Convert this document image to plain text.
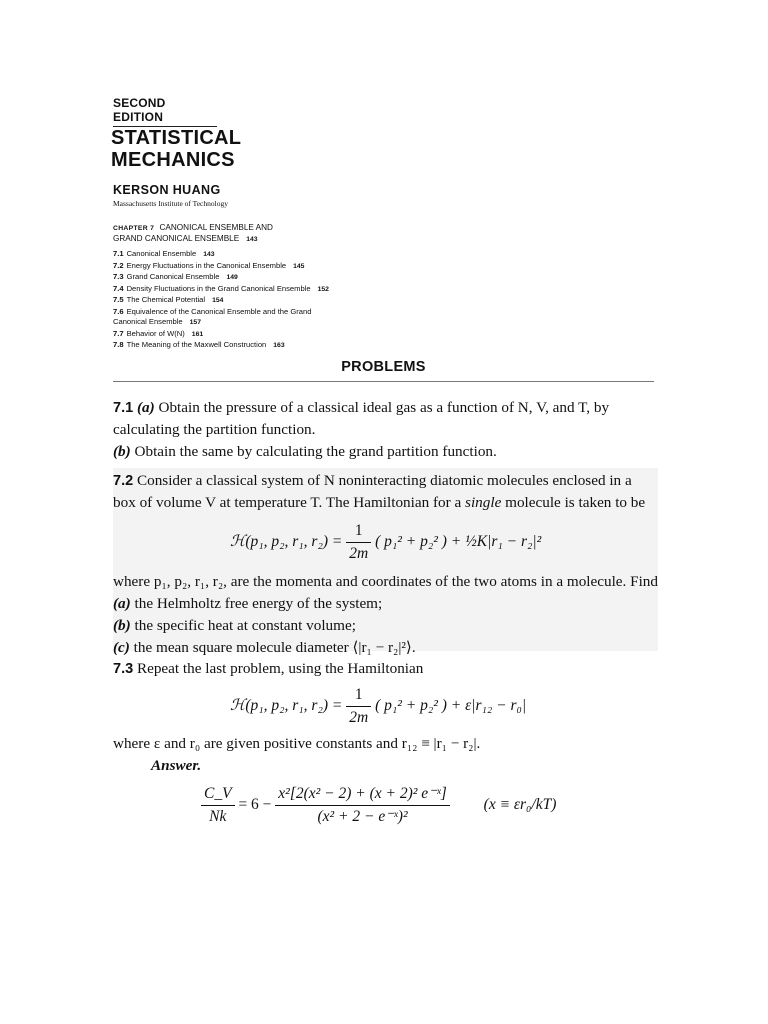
SECOND EDITION
STATISTICAL
MECHANICS
KERSON HUANG
Massachusetts Institute of Technology
CHAPTER 7 CANONICAL ENSEMBLE AND
GRAND CANONICAL ENSEMBLE 143
7.1 Canonical Ensemble 143
7.2 Energy Fluctuations in the Canonical Ensemble 145
7.3 Grand Canonical Ensemble 149
7.4 Density Fluctuations in the Grand Canonical Ensemble 152
7.5 The Chemical Potential 154
7.6 Equivalence of the Canonical Ensemble and the Grand
Canonical Ensemble 157
7.7 Behavior of W(N) 161
7.8 The Meaning of the Maxwell Construction 163
PROBLEMS

7.1 (a) Obtain the pressure of a classical ideal gas as a function of N, V, and T, by calculating the partition function.

(b) Obtain the same by calculating the grand partition function.

7.2 Consider a classical system of N noninteracting diatomic molecules enclosed in a box of volume V at temperature T. The Hamiltonian for a single molecule is taken to be

ℋ(p₁, p₂, r₁, $r_2) = \frac{1}{2m}$ ( p₁² + p₂² ) + ½K|r₁ − r₂|²

where p₁, p₂, r₁, r₂, are the momenta and coordinates of the two atoms in a molecule. Find

(a) the Helmholtz free energy of the system;

(b) the specific heat at constant volume;

(c) the mean square molecule diameter ⟨|r₁ − r₂|²⟩.

7.3 Repeat the last problem, using the Hamiltonian

ℋ(p₁, p₂, r₁, $r_2) = \frac{1}{2m}$ ( p₁² + p₂² ) + ε|r₁₂ − r₀|

where ε and r₀ are given positive constants and r₁₂ ≡ |r₁ − r₂|.

Answer.

$\frac{C\_V}{Nk} = 6 - \frac{\text{x²[2(x² − 2) + (x + 2)² e⁻ˣ]}}{\text{(x² + 2 − e⁻ˣ)²}} (x \equiv \varepsilon r_0/kT)$
